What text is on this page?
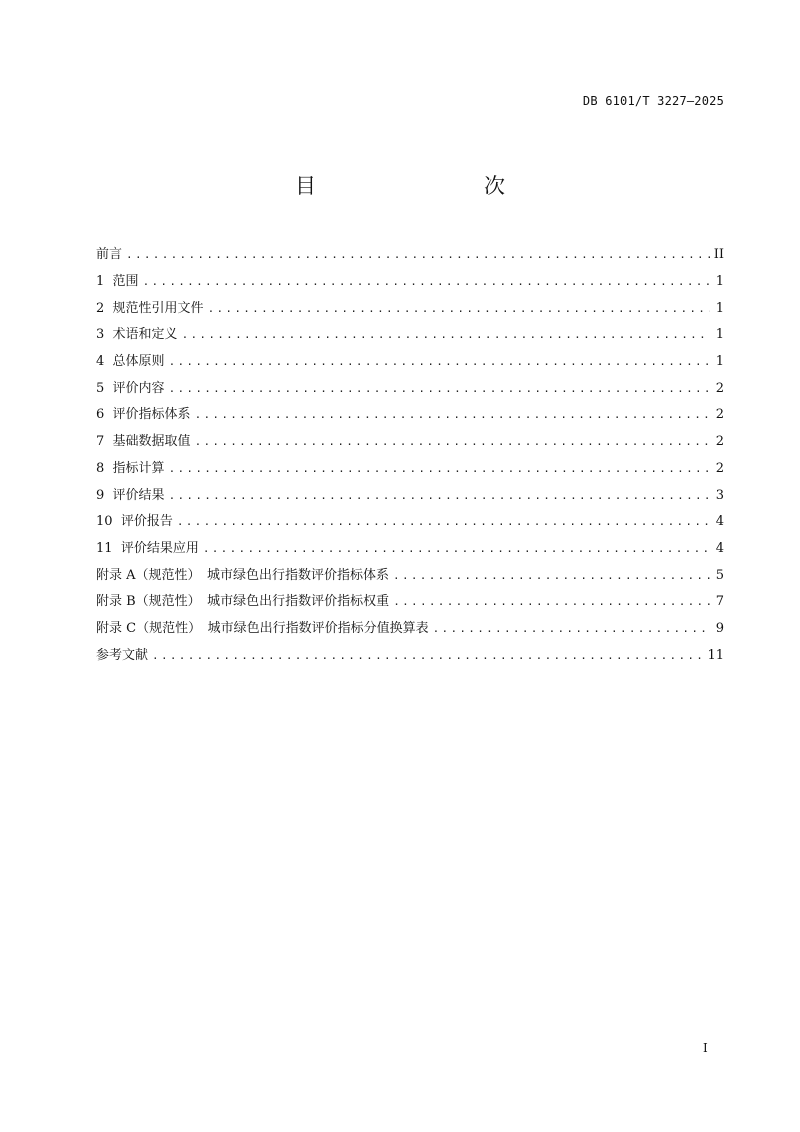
DB 6101/T 3227—2025
目　　次
前言 .....	II
1 范围 .....	1
2 规范性引用文件 .....	1
3 术语和定义 .....	1
4 总体原则 .....	1
5 评价内容 .....	2
6 评价指标体系 .....	2
7 基础数据取值 .....	2
8 指标计算 .....	2
9 评价结果 .....	3
10 评价报告 .....	4
11 评价结果应用 .....	4
附录 A（规范性）　城市绿色出行指数评价指标体系 .....	5
附录 B（规范性）　城市绿色出行指数评价指标权重 .....	7
附录 C（规范性）　城市绿色出行指数评价指标分值换算表 .....	9
参考文献 .....	11
I
